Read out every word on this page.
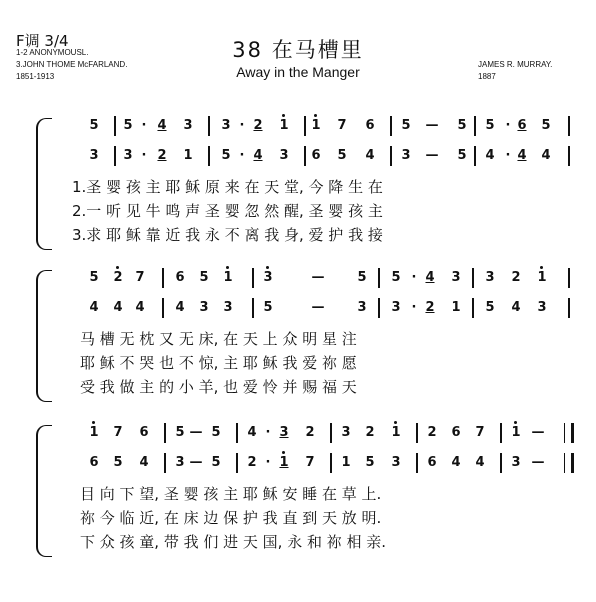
F调 3/4
1-2 ANONYMOUSL.
3.JOHN THOME McFARLAND.
1851-1913
38 在马槽里
Away in the Manger	JAMES R. MURRAY.
1887
5 5 · 4 3 3 · 2 1 1 7 6 5 — 5 5 · 6 5
3 3 · 2 1 5 · 4 3 6 5 4 3 — 5 4 · 4 4
1.圣 婴 孩 主 耶 稣 原 来 在 天 堂, 今 降 生 在
2.一 听 见 牛 鸣 声 圣 婴 忽 然 醒, 圣 婴 孩 主
3.求 耶 稣 靠 近 我 永 不 离 我 身, 爱 护 我 接
5 2 7 6 5 1 3	—	5 5 · 4 3 3 2 1
4 4 4 4 3 3 5	—	3 3 · 2 1 5 4 3
马 槽 无 枕 又 无 床, 在 天 上 众 明 星 注
耶 稣 不 哭 也 不 惊, 主 耶 稣 我 爱 祢 愿
受 我 做 主 的 小 羊, 也 爱 怜 并 赐 福 天
1 7 6 5 — 5 4 · 3 2 3 2 1 2 6 7 1 —
6 5 4 3 — 5 2 · 1 7 1 5 3 6 4 4 3 —
目 向 下 望, 圣 婴 孩 主 耶 稣 安 睡 在 草 上.
祢 今 临 近, 在 床 边 保 护 我 直 到 天 放 明.
下 众 孩 童, 带 我 们 进 天 国, 永 和 祢 相 亲.
